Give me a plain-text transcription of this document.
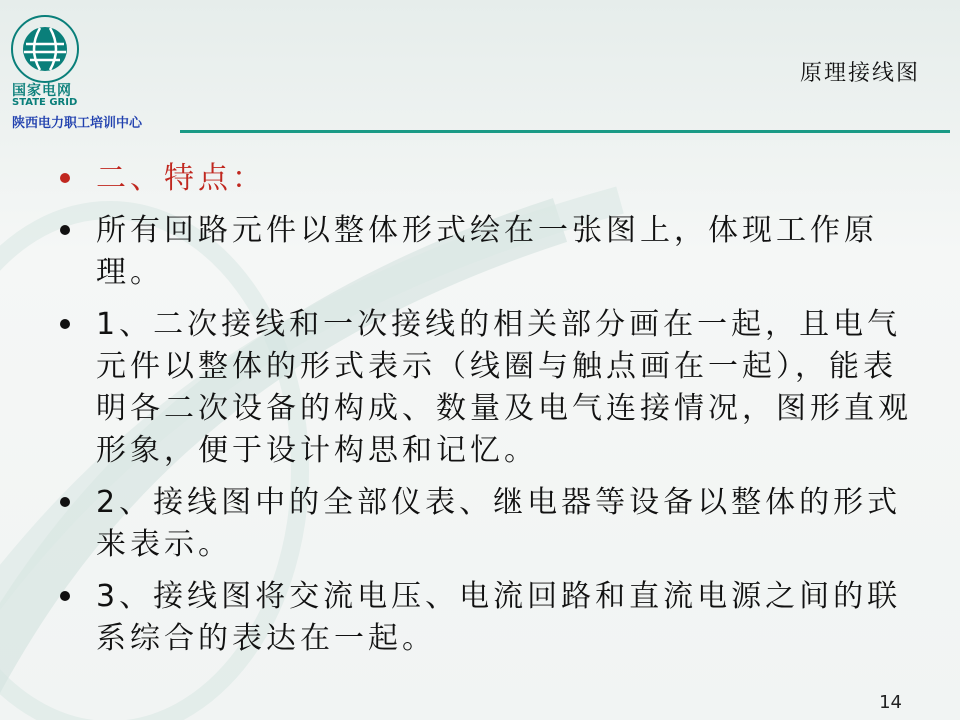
国家电网
STATE GRID
陕西电力职工培训中心
原理接线图
二、特点：
所有回路元件以整体形式绘在一张图上，体现工作原理。
1、二次接线和一次接线的相关部分画在一起，且电气元件以整体的形式表示（线圈与触点画在一起），能表明各二次设备的构成、数量及电气连接情况，图形直观形象，便于设计构思和记忆。
2、接线图中的全部仪表、继电器等设备以整体的形式来表示。
3、接线图将交流电压、电流回路和直流电源之间的联系综合的表达在一起。
14
